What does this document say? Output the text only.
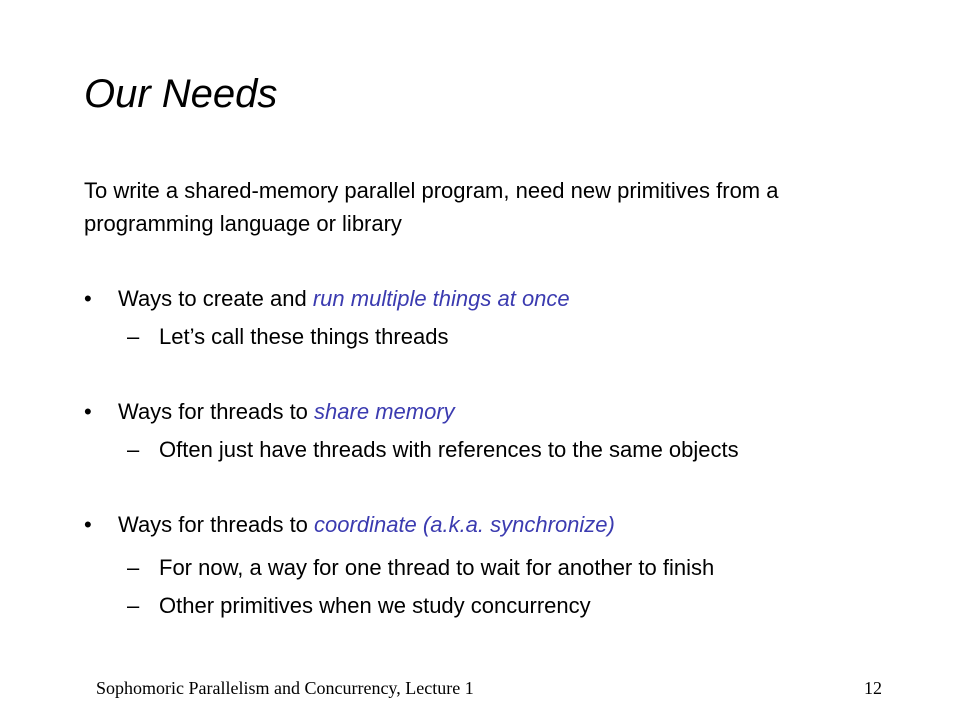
Our Needs
To write a shared-memory parallel program, need new primitives from a programming language or library
• Ways to create and run multiple things at once
– Let’s call these things threads
• Ways for threads to share memory
– Often just have threads with references to the same objects
• Ways for threads to coordinate (a.k.a. synchronize)
– For now, a way for one thread to wait for another to finish
– Other primitives when we study concurrency
Sophomoric Parallelism and Concurrency, Lecture 1	12
